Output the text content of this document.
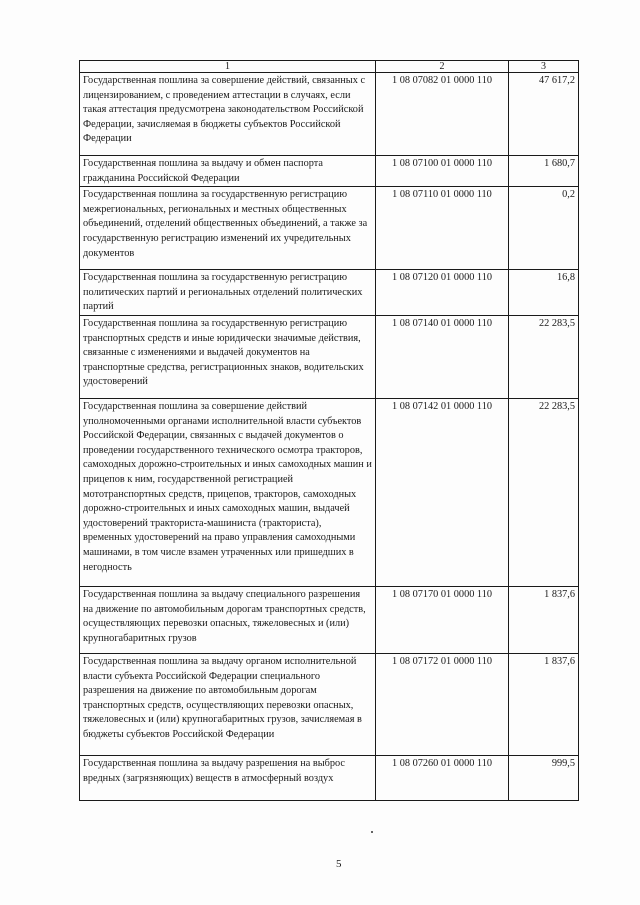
1	2	3
Государственная пошлина за совершение действий, связанных с лицензированием, с проведением аттестации в случаях, если такая аттестация предусмотрена законодательством Российской Федерации, зачисляемая в бюджеты субъектов Российской Федерации	1 08 07082 01 0000 110	47 617,2
Государственная пошлина за выдачу и обмен паспорта гражданина Российской Федерации	1 08 07100 01 0000 110	1 680,7
Государственная пошлина за государственную регистрацию межрегиональных, региональных и местных общественных объединений, отделений общественных объединений, а также за государственную регистрацию изменений их учредительных документов	1 08 07110 01 0000 110	0,2
Государственная пошлина за государственную регистрацию политических партий и региональных отделений политических партий	1 08 07120 01 0000 110	16,8
Государственная пошлина за государственную регистрацию транспортных средств и иные юридически значимые действия, связанные с изменениями и выдачей документов на транспортные средства, регистрационных знаков, водительских удостоверений	1 08 07140 01 0000 110	22 283,5
Государственная пошлина за совершение действий уполномоченными органами исполнительной власти субъектов Российской Федерации, связанных с выдачей документов о проведении государственного технического осмотра тракторов, самоходных дорожно-строительных и иных самоходных машин и прицепов к ним, государственной регистрацией мототранспортных средств, прицепов, тракторов, самоходных дорожно-строительных и иных самоходных машин, выдачей удостоверений тракториста-машиниста (тракториста), временных удостоверений на право управления самоходными машинами, в том числе взамен утраченных или пришедших в негодность	1 08 07142 01 0000 110	22 283,5
Государственная пошлина за выдачу специального разрешения на движение по автомобильным дорогам транспортных средств, осуществляющих перевозки опасных, тяжеловесных и (или) крупногабаритных грузов	1 08 07170 01 0000 110	1 837,6
Государственная пошлина за выдачу органом исполнительной власти субъекта Российской Федерации специального разрешения на движение по автомобильным дорогам транспортных средств, осуществляющих перевозки опасных, тяжеловесных и (или) крупногабаритных грузов, зачисляемая в бюджеты субъектов Российской Федерации	1 08 07172 01 0000 110	1 837,6
Государственная пошлина за выдачу разрешения на выброс вредных (загрязняющих) веществ в атмосферный воздух	1 08 07260 01 0000 110	999,5
5
